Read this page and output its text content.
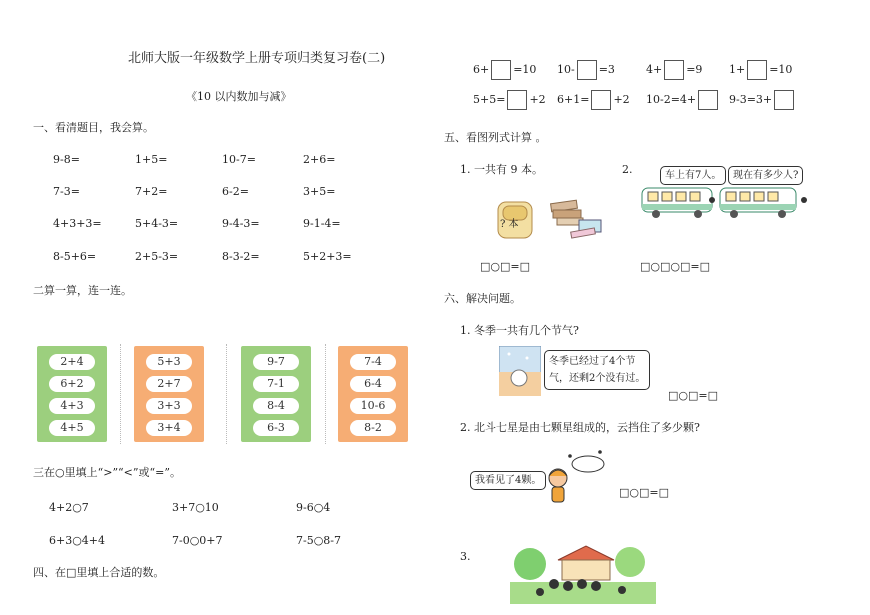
北师大版一年级数学上册专项归类复习卷(二)
《10 以内数加与减》
一、看清题目，我会算。
9-8=	1+5=	10-7=	2+6=
7-3=	7+2=	6-2=	3+5=
4+3+3=	5+4-3=	9-4-3=	9-1-4=
8-5+6=	2+5-3=	8-3-2=	5+2+3=
二算一算，连一连。
2+4
6+2
4+3
4+5
5+3
2+7
3+3
3+4
9-7
7-1
8-4
6-3
7-4
6-4
10-6
8-2
三在○里填上“>”“<”或“=”。
4+2○7	3+7○10	9-6○4
6+3○4+4	7-0○0+7	7-5○8-7
四、在□里填上合适的数。
6+ =10 10- =3	4+ =9 1+ =10
5+5= +2 6+1= +2 10-2=4+	9-3=3+
五、看图列式计算 。
1. 一共有 9 本。
? 本
□○□=□
2.	车上有7人。	现在有多少人?
□○□○□=□
六、解决问题。
1. 冬季一共有几个节气?
冬季已经过了4个节
气，还剩2个没有过。
□○□=□
2. 北斗七星是由七颗星组成的，云挡住了多少颗?
我看见了4颗。
□○□=□
3.
